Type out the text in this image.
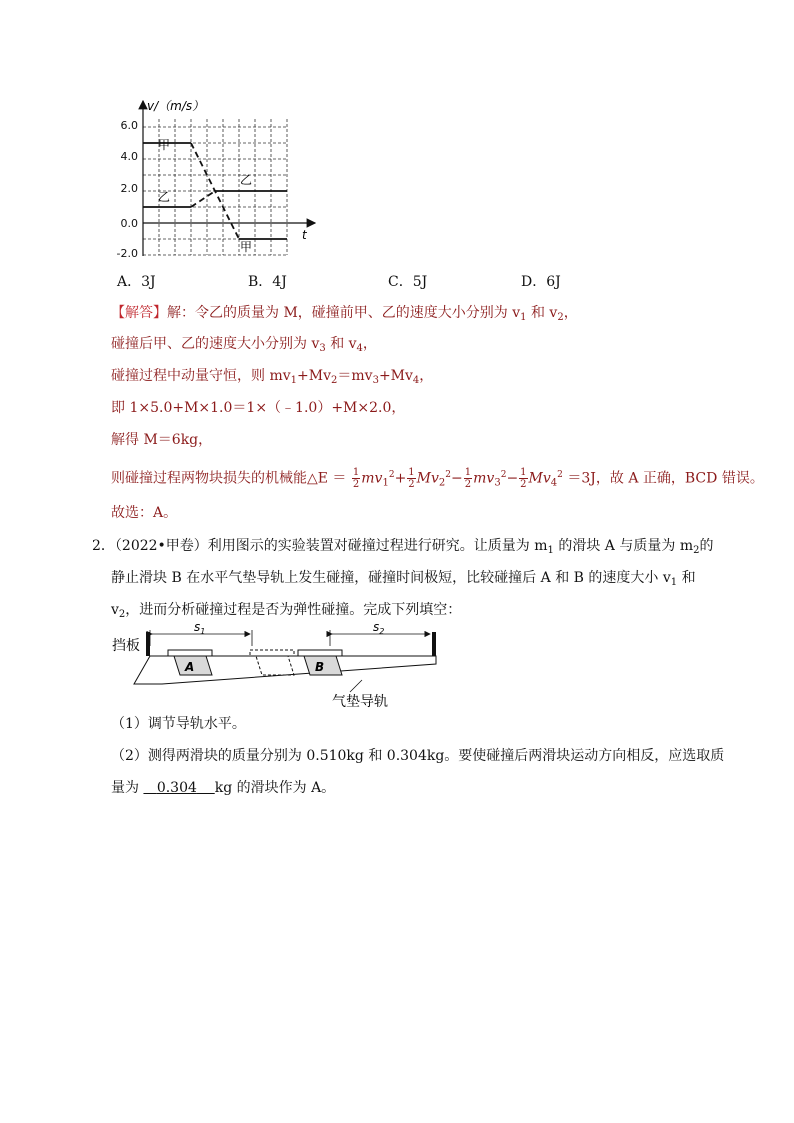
v/（m/s）
t
6.0
4.0
2.0
0.0
-2.0
甲
乙
乙
甲
A．3J	B．4J	C．5J	D．6J
【解答】解：令乙的质量为 M，碰撞前甲、乙的速度大小分别为 $v_1$ 和 $v_2$，
碰撞后甲、乙的速度大小分别为 $v_3$ 和 $v_4$，
碰撞过程中动量守恒，则 $mv_1+Mv_2=mv_3+Mv_4$，
即 1×5.0+M×1.0＝1×（﹣1.0）+M×2.0，
解得 M＝6kg，
则碰撞过程两物块损失的机械能△E ＝ $\frac{1}{2} mv_1^2+ \frac{1}{2} Mv_2^2- \frac{1}{2} mv_3^2- \frac{1}{2} Mv_4^2 =3J$，故 A 正确，BCD 错误。
故选：A。
2．（2022•甲卷）利用图示的实验装置对碰撞过程进行研究。让质量为 $m_1$ 的滑块 A 与质量为 $m_2$的
静止滑块 B 在水平气垫导轨上发生碰撞，碰撞时间极短，比较碰撞后 A 和 B 的速度大小 $v_1$ 和
$v_2$，进而分析碰撞过程是否为弹性碰撞。完成下列填空：
挡板
$s_1$	$s_2$
A	B
气垫导轨
（1）调节导轨水平。
（2）测得两滑块的质量分别为 0.510kg 和 0.304kg。要使碰撞后两滑块运动方向相反，应选取质
量为 0.304 kg 的滑块作为 A。
